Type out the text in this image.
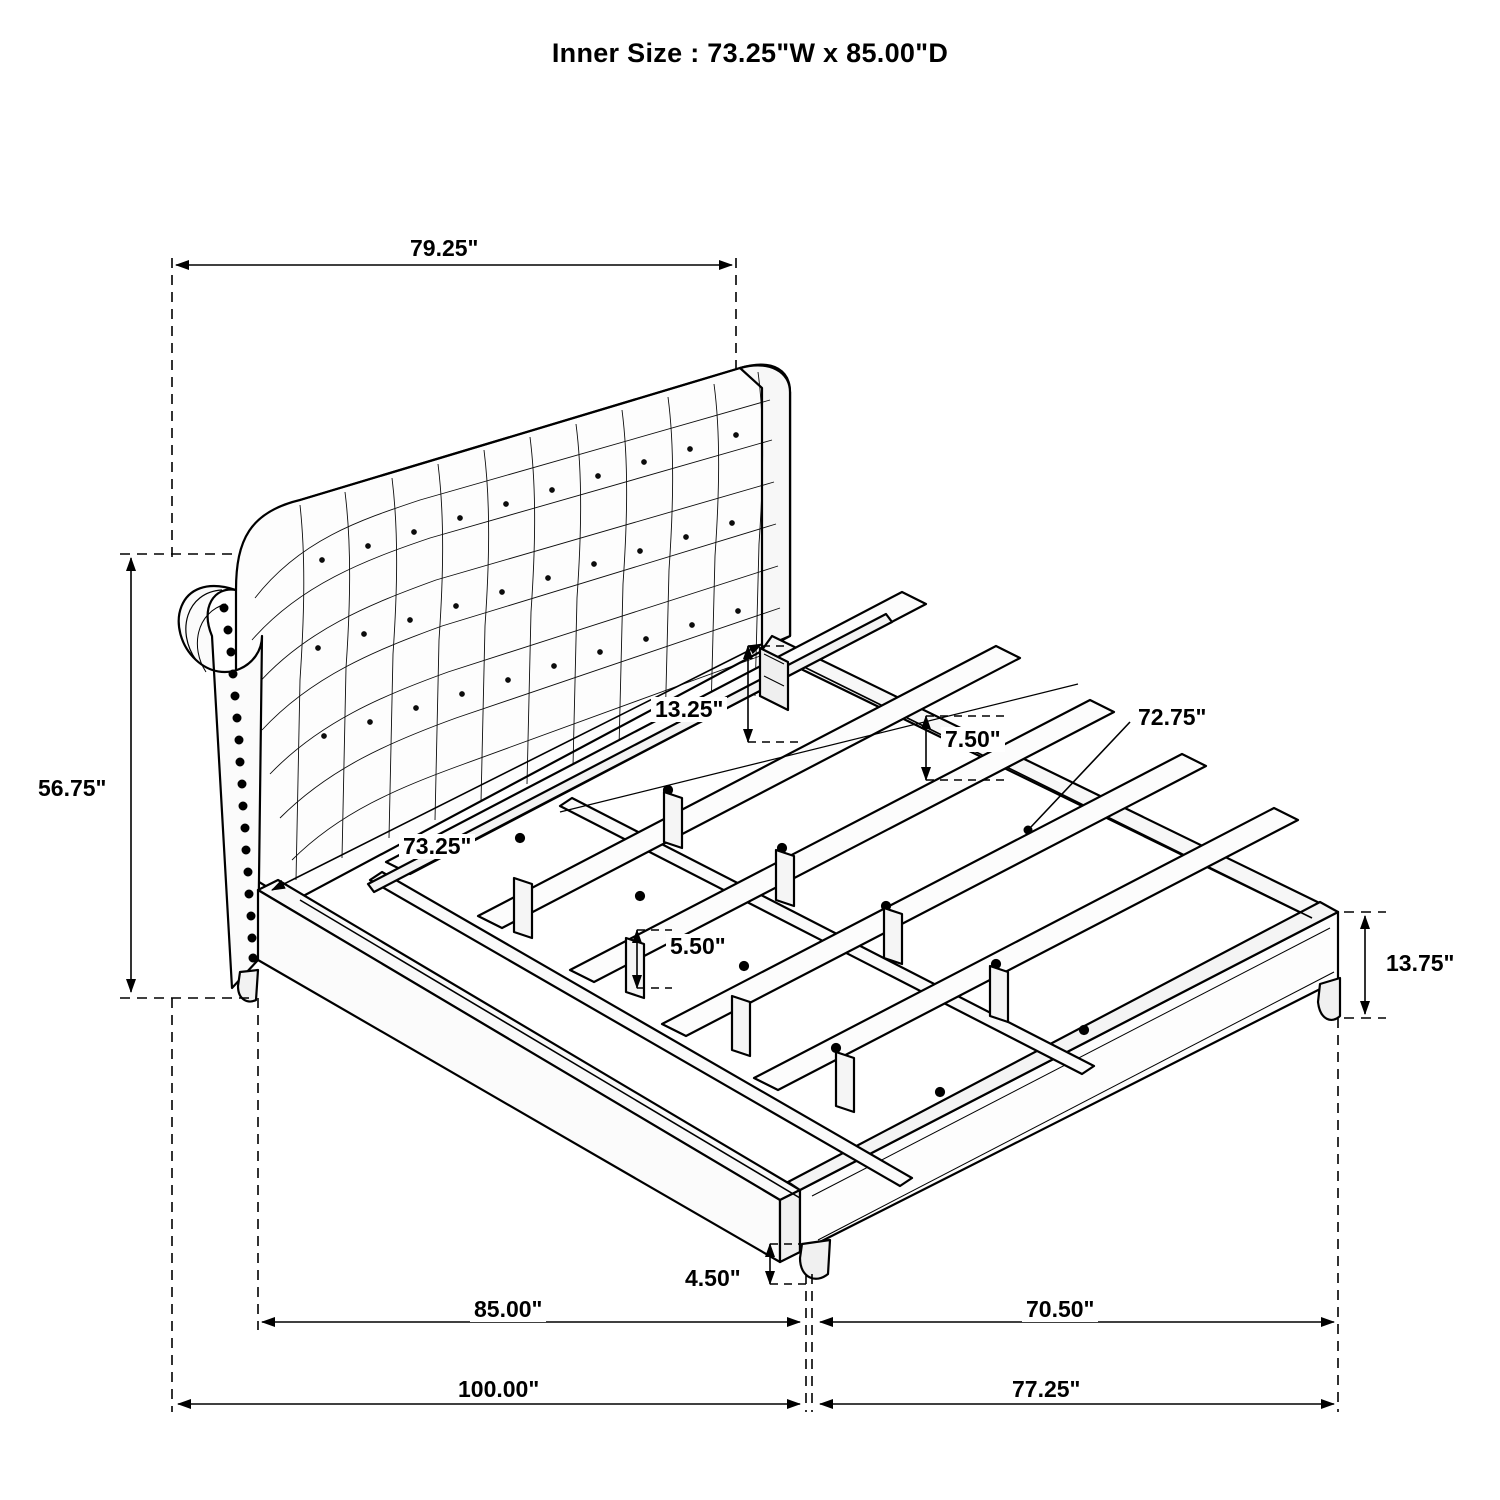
Inner Size : 73.25"W x 85.00"D
79.25"
56.75"
13.25"
7.50"
73.25"
72.75"
5.50"
13.75"
4.50"
85.00"	70.50"
100.00"	77.25"
